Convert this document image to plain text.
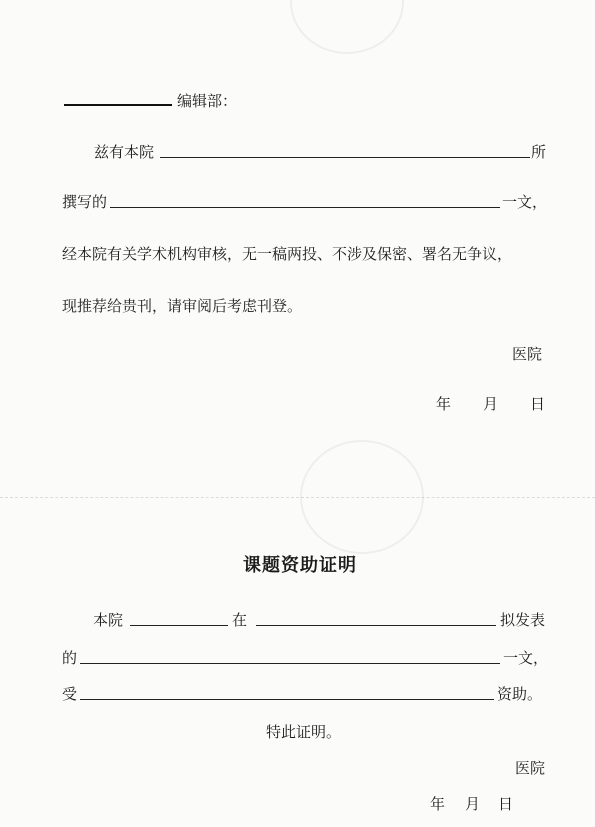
编辑部：
兹有本院	所
撰写的	一文，
经本院有关学术机构审核，无一稿两投、不涉及保密、署名无争议，
现推荐给贵刊，请审阅后考虑刊登。
医院
年 月 日
课题资助证明
本院	在	拟发表
的	一文，
受	资助。
特此证明。
医院
年 月 日
